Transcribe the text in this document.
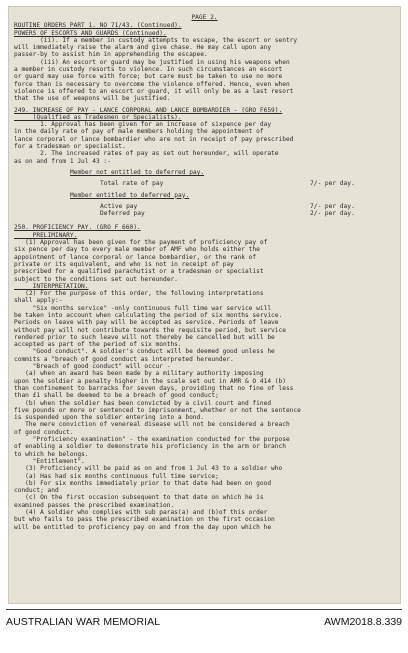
PAGE 2.
ROUTINE ORDERS PART 1. NO 71/43. (Continued).
POWERS OF ESCORTS AND GUARDS (Continued).
(ii). If a member in custody attempts to escape, the escort or sentry
will immediately raise the alarm and give chase. He may call upon any
passer-by to assist him in apprehending the escapee.
(iii) An escort or guard may be justified in using his weapons when
a member in custody resorts to violence. In such circumstances an escort
or guard may use force with force; but care must be taken to use no more
force than is necessary to overcome the violence offered. Hence, even when
violence is offered to an escort or guard, it will only be as a last resort
that the use of weapons will be justified.
249. INCREASE OF PAY - LANCE CORPORAL AND LANCE BOMBARDIER - (GRO F659).
(Qualified as Tradesmen or Specialists).
1. Approval has been given for an increase of sixpence per day
in the daily rate of pay of male members holding the appointment of
lance corporal or lance bombardier who are not in receipt of pay prescribed
for a tradesman or specialist.
2. The increased rates of pay as set out hereunder, will operate
as on and from 1 Jul 43 :-
Member not entitled to deferred pay.
Total rate of pay	7/- per day.
Member entitled to deferred pay.
Active pay	7/- per day.
Deferred pay	2/- per day.
250. PROFICIENCY PAY. (GRO F 660).
PRELIMINARY.
(1) Approval has been given for the payment of proficiency pay of
six pence per day to every male member of AMF who holds either the
appointment of lance corporal or lance bombardier, or the rank of
private or its equivalent, and who is not in receipt of pay
prescribed for a qualified parachutist or a tradesman or specialist
subject to the conditions set out hereunder.
INTERPRETATION.
(2) For the purpose of this order, the following interpretations
shall apply:-
"Six months service" -only continuous full time war service will
be taken into account when calculating the period of six months service.
Periods on leave with pay will be accepted as service. Periods of leave
without pay will not contribute towards the requisite period, but service
rendered prior to such leave will not thereby be cancelled but will be
accepted as part of the period of six months.
"Good conduct". A soldier's conduct will be deemed good unless he
commits a "breach of good conduct as interpreted hereunder.
"Breach of good conduct" will occur -
(a) when an award has been made by a military authority imposing
upon the soldier a penalty higher in the scale set out in AMR & O 414 (b)
than confinement to barracks for seven days, providing that no fine of less
than £1 shall be deemed to be a breach of good conduct;
(b) when the soldier has been convicted by a civil court and fined
five pounds or more or sentenced to imprisonment, whether or not the sentence
is suspended upon the soldier entering into a bond.
The mere conviction of venereal disease will not be considered a breach
of good conduct.
"Proficiency examination" - the examination conducted for the purpose
of enabling a soldier to demonstrate his proficiency in the arm or branch
to which he belongs.
"Entitlement".
(3) Proficiency will be paid as on and from 1 Jul 43 to a soldier who
(a) Has had six months continuous full time service;
(b) For six months immediately prior to that date had been on good
conduct; and
(c) On the first occasion subsequent to that date on which he is
examined passes the prescribed examination.
(4) A soldier who complies with sub paras(a) and (b)of this order
but who fails to pass the prescribed examination on the first occasion
will be entitled to proficiency pay on and from the day upon which he
AUSTRALIAN WAR MEMORIAL	AWM2018.8.339
